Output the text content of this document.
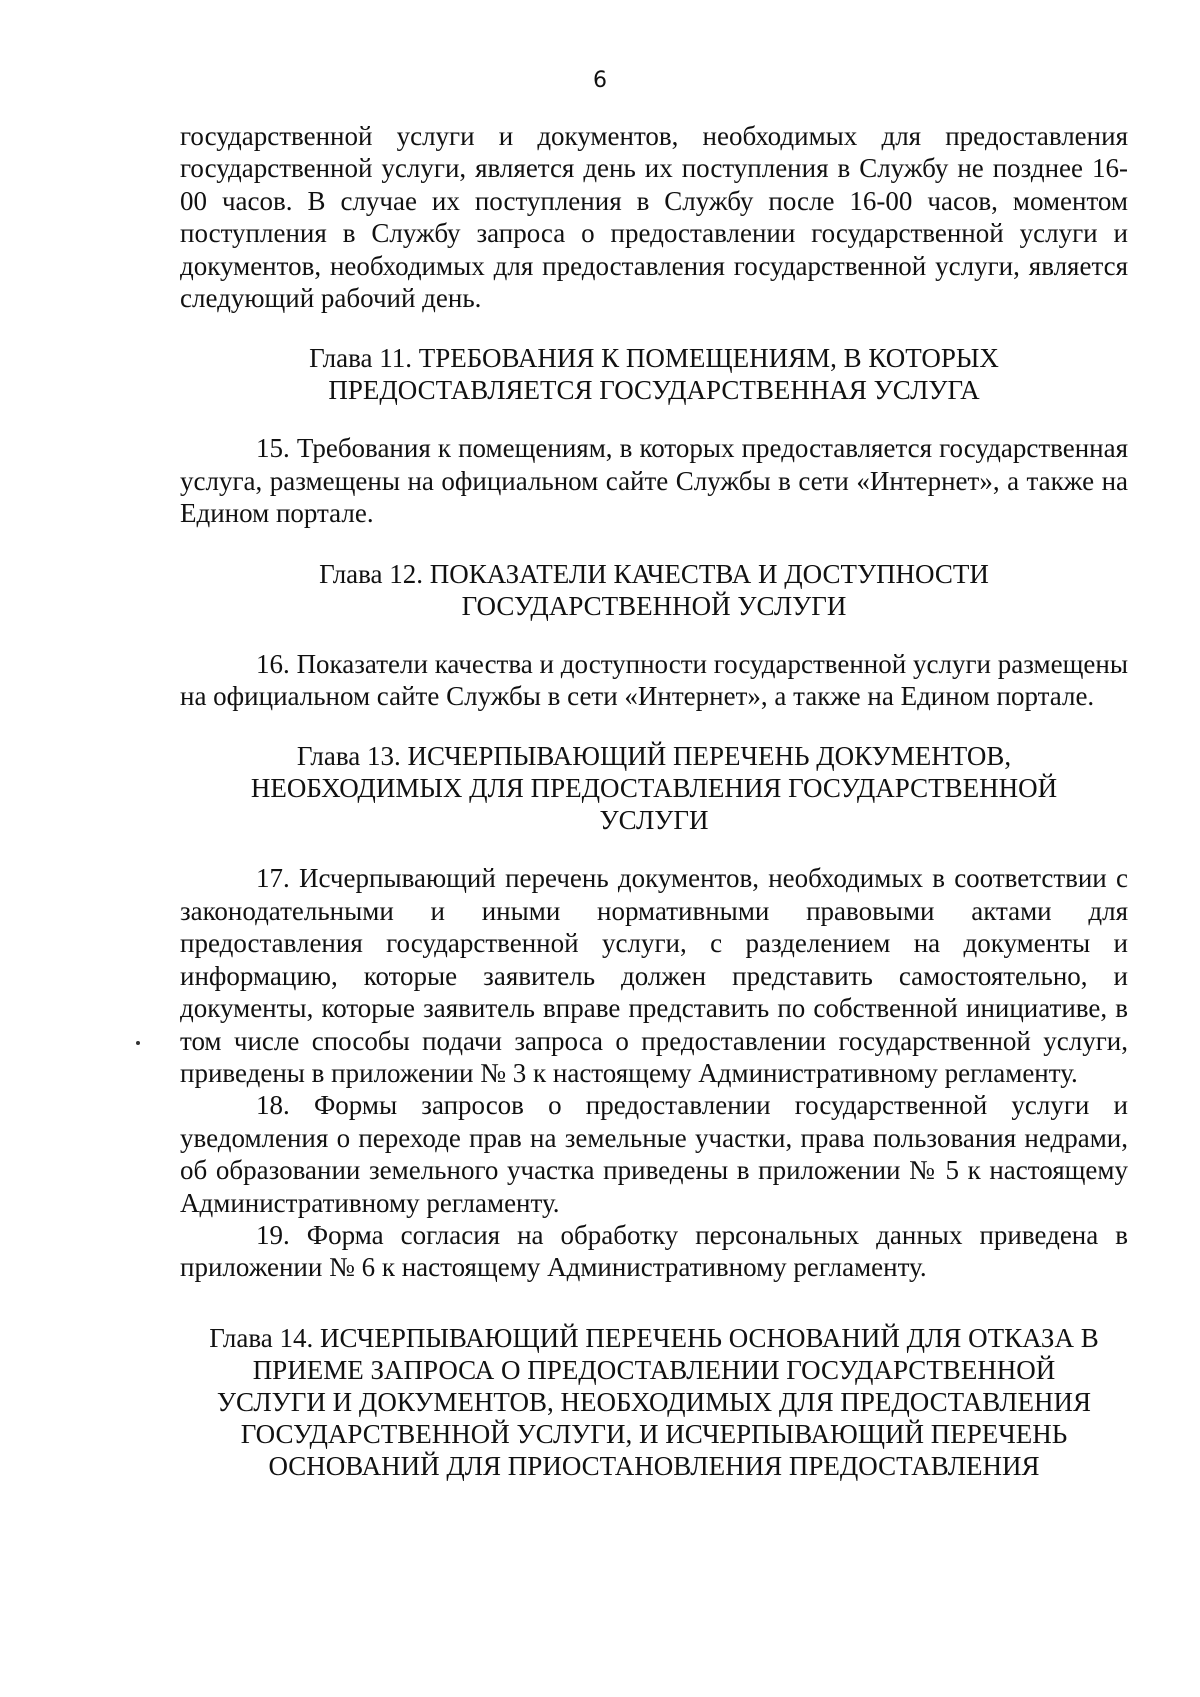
6

государственной услуги и документов, необходимых для предоставления государственной услуги, является день их поступления в Службу не позднее 16-00 часов. В случае их поступления в Службу после 16-00 часов, моментом поступления в Службу запроса о предоставлении государственной услуги и документов, необходимых для предоставления государственной услуги, является следующий рабочий день.

Глава 11. ТРЕБОВАНИЯ К ПОМЕЩЕНИЯМ, В КОТОРЫХ
ПРЕДОСТАВЛЯЕТСЯ ГОСУДАРСТВЕННАЯ УСЛУГА

15. Требования к помещениям, в которых предоставляется государственная услуга, размещены на официальном сайте Службы в сети «Интернет», а также на Едином портале.

Глава 12. ПОКАЗАТЕЛИ КАЧЕСТВА И ДОСТУПНОСТИ
ГОСУДАРСТВЕННОЙ УСЛУГИ

16. Показатели качества и доступности государственной услуги размещены на официальном сайте Службы в сети «Интернет», а также на Едином портале.

Глава 13. ИСЧЕРПЫВАЮЩИЙ ПЕРЕЧЕНЬ ДОКУМЕНТОВ,
НЕОБХОДИМЫХ ДЛЯ ПРЕДОСТАВЛЕНИЯ ГОСУДАРСТВЕННОЙ
УСЛУГИ

17. Исчерпывающий перечень документов, необходимых в соответствии с законодательными и иными нормативными правовыми актами для предоставления государственной услуги, с разделением на документы и информацию, которые заявитель должен представить самостоятельно, и документы, которые заявитель вправе представить по собственной инициативе, в том числе способы подачи запроса о предоставлении государственной услуги, приведены в приложении № 3 к настоящему Административному регламенту.

18. Формы запросов о предоставлении государственной услуги и уведомления о переходе прав на земельные участки, права пользования недрами, об образовании земельного участка приведены в приложении № 5 к настоящему Административному регламенту.

19. Форма согласия на обработку персональных данных приведена в приложении № 6 к настоящему Административному регламенту.

Глава 14. ИСЧЕРПЫВАЮЩИЙ ПЕРЕЧЕНЬ ОСНОВАНИЙ ДЛЯ ОТКАЗА В
ПРИЕМЕ ЗАПРОСА О ПРЕДОСТАВЛЕНИИ ГОСУДАРСТВЕННОЙ
УСЛУГИ И ДОКУМЕНТОВ, НЕОБХОДИМЫХ ДЛЯ ПРЕДОСТАВЛЕНИЯ
ГОСУДАРСТВЕННОЙ УСЛУГИ, И ИСЧЕРПЫВАЮЩИЙ ПЕРЕЧЕНЬ
ОСНОВАНИЙ ДЛЯ ПРИОСТАНОВЛЕНИЯ ПРЕДОСТАВЛЕНИЯ
